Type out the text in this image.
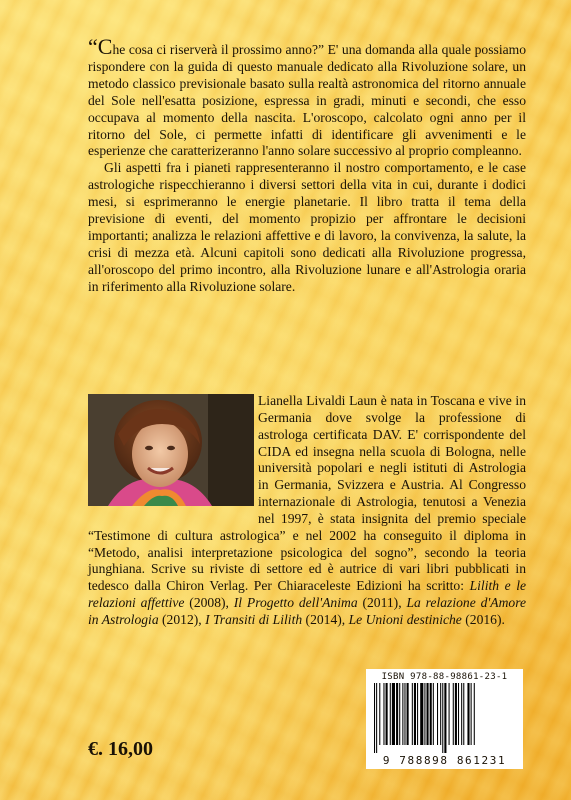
“Che cosa ci riserverà il prossimo anno?” E' una domanda alla quale possiamo rispondere con la guida di questo manuale dedicato alla Rivoluzione solare, un metodo classico previsionale basato sulla realtà astronomica del ritorno annuale del Sole nell'esatta posizione, espressa in gradi, minuti e secondi, che esso occupava al momento della nascita. L'oroscopo, calcolato ogni anno per il ritorno del Sole, ci permette infatti di identificare gli avvenimenti e le esperienze che caratterizeranno l'anno solare successivo al proprio compleanno.

Gli aspetti fra i pianeti rappresenteranno il nostro comportamento, e le case astrologiche rispecchieranno i diversi settori della vita in cui, durante i dodici mesi, si esprimeranno le energie planetarie. Il libro tratta il tema della previsione di eventi, del momento propizio per affrontare le decisioni importanti; analizza le relazioni affettive e di lavoro, la convivenza, la salute, la crisi di mezza età. Alcuni capitoli sono dedicati alla Rivoluzione progressa, all'oroscopo del primo incontro, alla Rivoluzione lunare e all'Astrologia oraria in riferimento alla Rivoluzione solare.

Lianella Livaldi Laun è nata in Toscana e vive in Germania dove svolge la professione di astrologa certificata DAV. E' corrispondente del CIDA ed insegna nella scuola di Bologna, nelle università popolari e negli istituti di Astrologia in Germania, Svizzera e Austria. Al Congresso internazionale di Astrologia, tenutosi a Venezia nel 1997, è stata insignita del premio speciale “Testimone di cultura astrologica” e nel 2002 ha conseguito il diploma in “Metodo, analisi interpretazione psicologica del sogno”, secondo la teoria junghiana. Scrive su riviste di settore ed è autrice di vari libri pubblicati in tedesco dalla Chiron Verlag. Per Chiaraceleste Edizioni ha scritto: Lilith e le relazioni affettive (2008), Il Progetto dell'Anima (2011), La relazione d'Amore in Astrologia (2012), I Transiti di Lilith (2014), Le Unioni destiniche (2016).
ISBN 978-88-98861-23-1
9 788898 861231
€. 16,00
